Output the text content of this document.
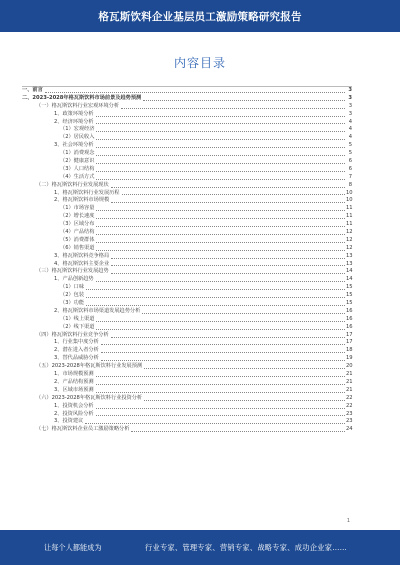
格瓦斯饮料企业基层员工激励策略研究报告
内容目录
一、前言	3
二、2023-2028年格瓦斯饮料市场前景及趋势预测	3
（一）格瓦斯饮料行业宏观环境分析	3
1、政策环境分析	3
2、经济环境分析	4
（1）宏观经济	4
（2）居民收入	4
3、社会环境分析	5
（1）消费观念	5
（2）健康意识	6
（3）人口结构	6
（4）生活方式	7
（二）格瓦斯饮料行业发展现状	8
1、格瓦斯饮料行业发展历程	10
2、格瓦斯饮料市场规模	10
（1）市场容量	11
（2）增长速度	11
（3）区域分布	11
（4）产品结构	12
（5）消费群体	12
（6）销售渠道	12
3、格瓦斯饮料竞争格局	13
4、格瓦斯饮料主要企业	13
（三）格瓦斯饮料行业发展趋势	14
1、产品创新趋势	14
（1）口味	15
（2）包装	15
（3）功能	15
2、格瓦斯饮料市场渠道发展趋势分析	16
（1）线上渠道	16
（2）线下渠道	16
（四）格瓦斯饮料行业竞争分析	17
1、行业集中度分析	17
2、潜在进入者分析	18
3、替代品威胁分析	19
（五）2023-2028年格瓦斯饮料行业发展预测	20
1、市场规模预测	21
2、产品结构预测	21
3、区域市场预测	21
（六）2023-2028年格瓦斯饮料行业投资分析	22
1、投资机会分析	22
2、投资风险分析	23
3、投资建议	23
（七）格瓦斯饮料企业员工激励策略分析	24
1
让每个人都能成为	行业专家、管理专家、营销专家、战略专家、成功企业家……
